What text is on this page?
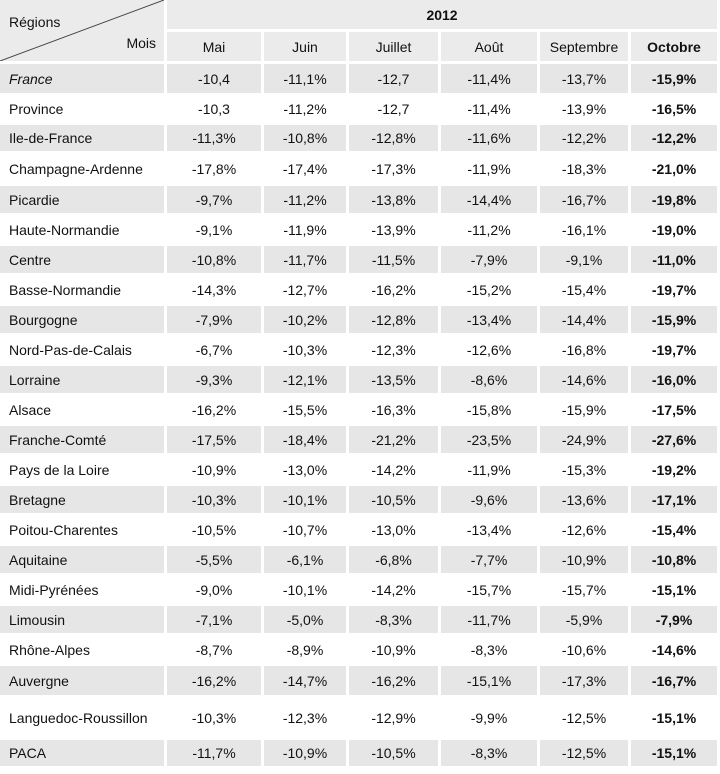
Régions
Mois	2012					
	Mai	Juin	Juillet	Août	Septembre	Octobre
France	-10,4	-11,1%	-12,7	-11,4%	-13,7%	-15,9%
Province	-10,3	-11,2%	-12,7	-11,4%	-13,9%	-16,5%
Ile-de-France	-11,3%	-10,8%	-12,8%	-11,6%	-12,2%	-12,2%
Champagne-Ardenne	-17,8%	-17,4%	-17,3%	-11,9%	-18,3%	-21,0%
Picardie	-9,7%	-11,2%	-13,8%	-14,4%	-16,7%	-19,8%
Haute-Normandie	-9,1%	-11,9%	-13,9%	-11,2%	-16,1%	-19,0%
Centre	-10,8%	-11,7%	-11,5%	-7,9%	-9,1%	-11,0%
Basse-Normandie	-14,3%	-12,7%	-16,2%	-15,2%	-15,4%	-19,7%
Bourgogne	-7,9%	-10,2%	-12,8%	-13,4%	-14,4%	-15,9%
Nord-Pas-de-Calais	-6,7%	-10,3%	-12,3%	-12,6%	-16,8%	-19,7%
Lorraine	-9,3%	-12,1%	-13,5%	-8,6%	-14,6%	-16,0%
Alsace	-16,2%	-15,5%	-16,3%	-15,8%	-15,9%	-17,5%
Franche-Comté	-17,5%	-18,4%	-21,2%	-23,5%	-24,9%	-27,6%
Pays de la Loire	-10,9%	-13,0%	-14,2%	-11,9%	-15,3%	-19,2%
Bretagne	-10,3%	-10,1%	-10,5%	-9,6%	-13,6%	-17,1%
Poitou-Charentes	-10,5%	-10,7%	-13,0%	-13,4%	-12,6%	-15,4%
Aquitaine	-5,5%	-6,1%	-6,8%	-7,7%	-10,9%	-10,8%
Midi-Pyrénées	-9,0%	-10,1%	-14,2%	-15,7%	-15,7%	-15,1%
Limousin	-7,1%	-5,0%	-8,3%	-11,7%	-5,9%	-7,9%
Rhône-Alpes	-8,7%	-8,9%	-10,9%	-8,3%	-10,6%	-14,6%
Auvergne	-16,2%	-14,7%	-16,2%	-15,1%	-17,3%	-16,7%
Languedoc-Roussillon	-10,3%	-12,3%	-12,9%	-9,9%	-12,5%	-15,1%
PACA	-11,7%	-10,9%	-10,5%	-8,3%	-12,5%	-15,1%
